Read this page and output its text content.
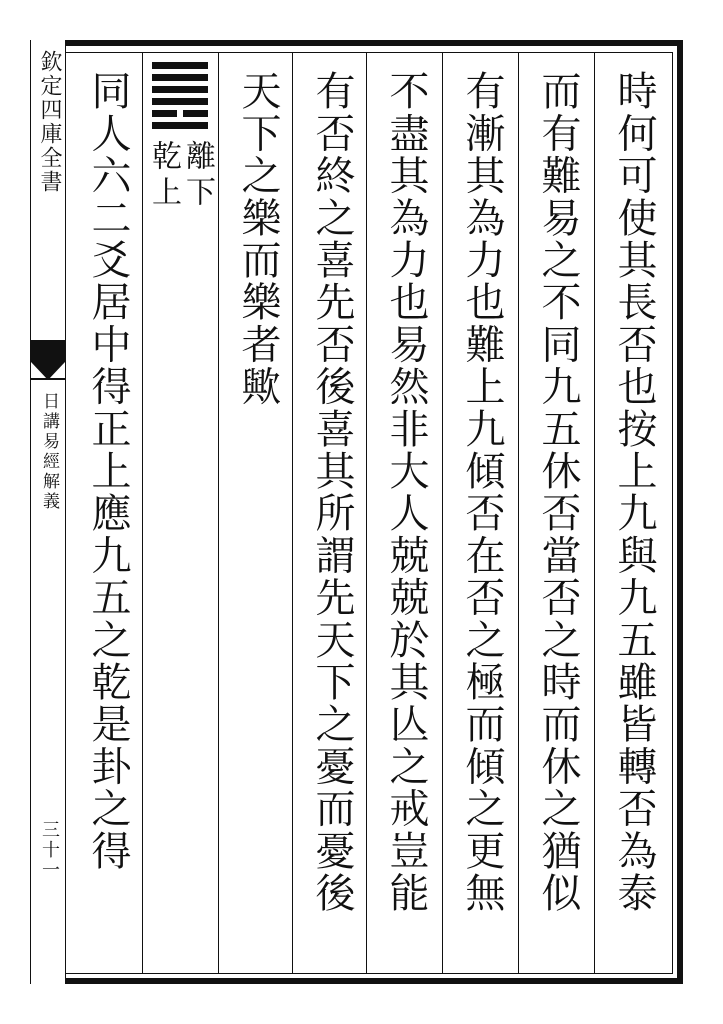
欽定四庫全書
日講易經解義
三十一	時何可使其長否也按上九與九五雖皆轉否為泰
而有難易之不同九五休否當否之時而休之猶似
有漸其為力也難上九傾否在否之極而傾之更無
不盡其為力也易然非大人兢兢於其亾之戒豈能
有否終之喜先否後喜其所謂先天下之憂而憂後
天下之樂而樂者歟
離下
乾上
同人六二爻居中得正上應九五之乾是卦之得
